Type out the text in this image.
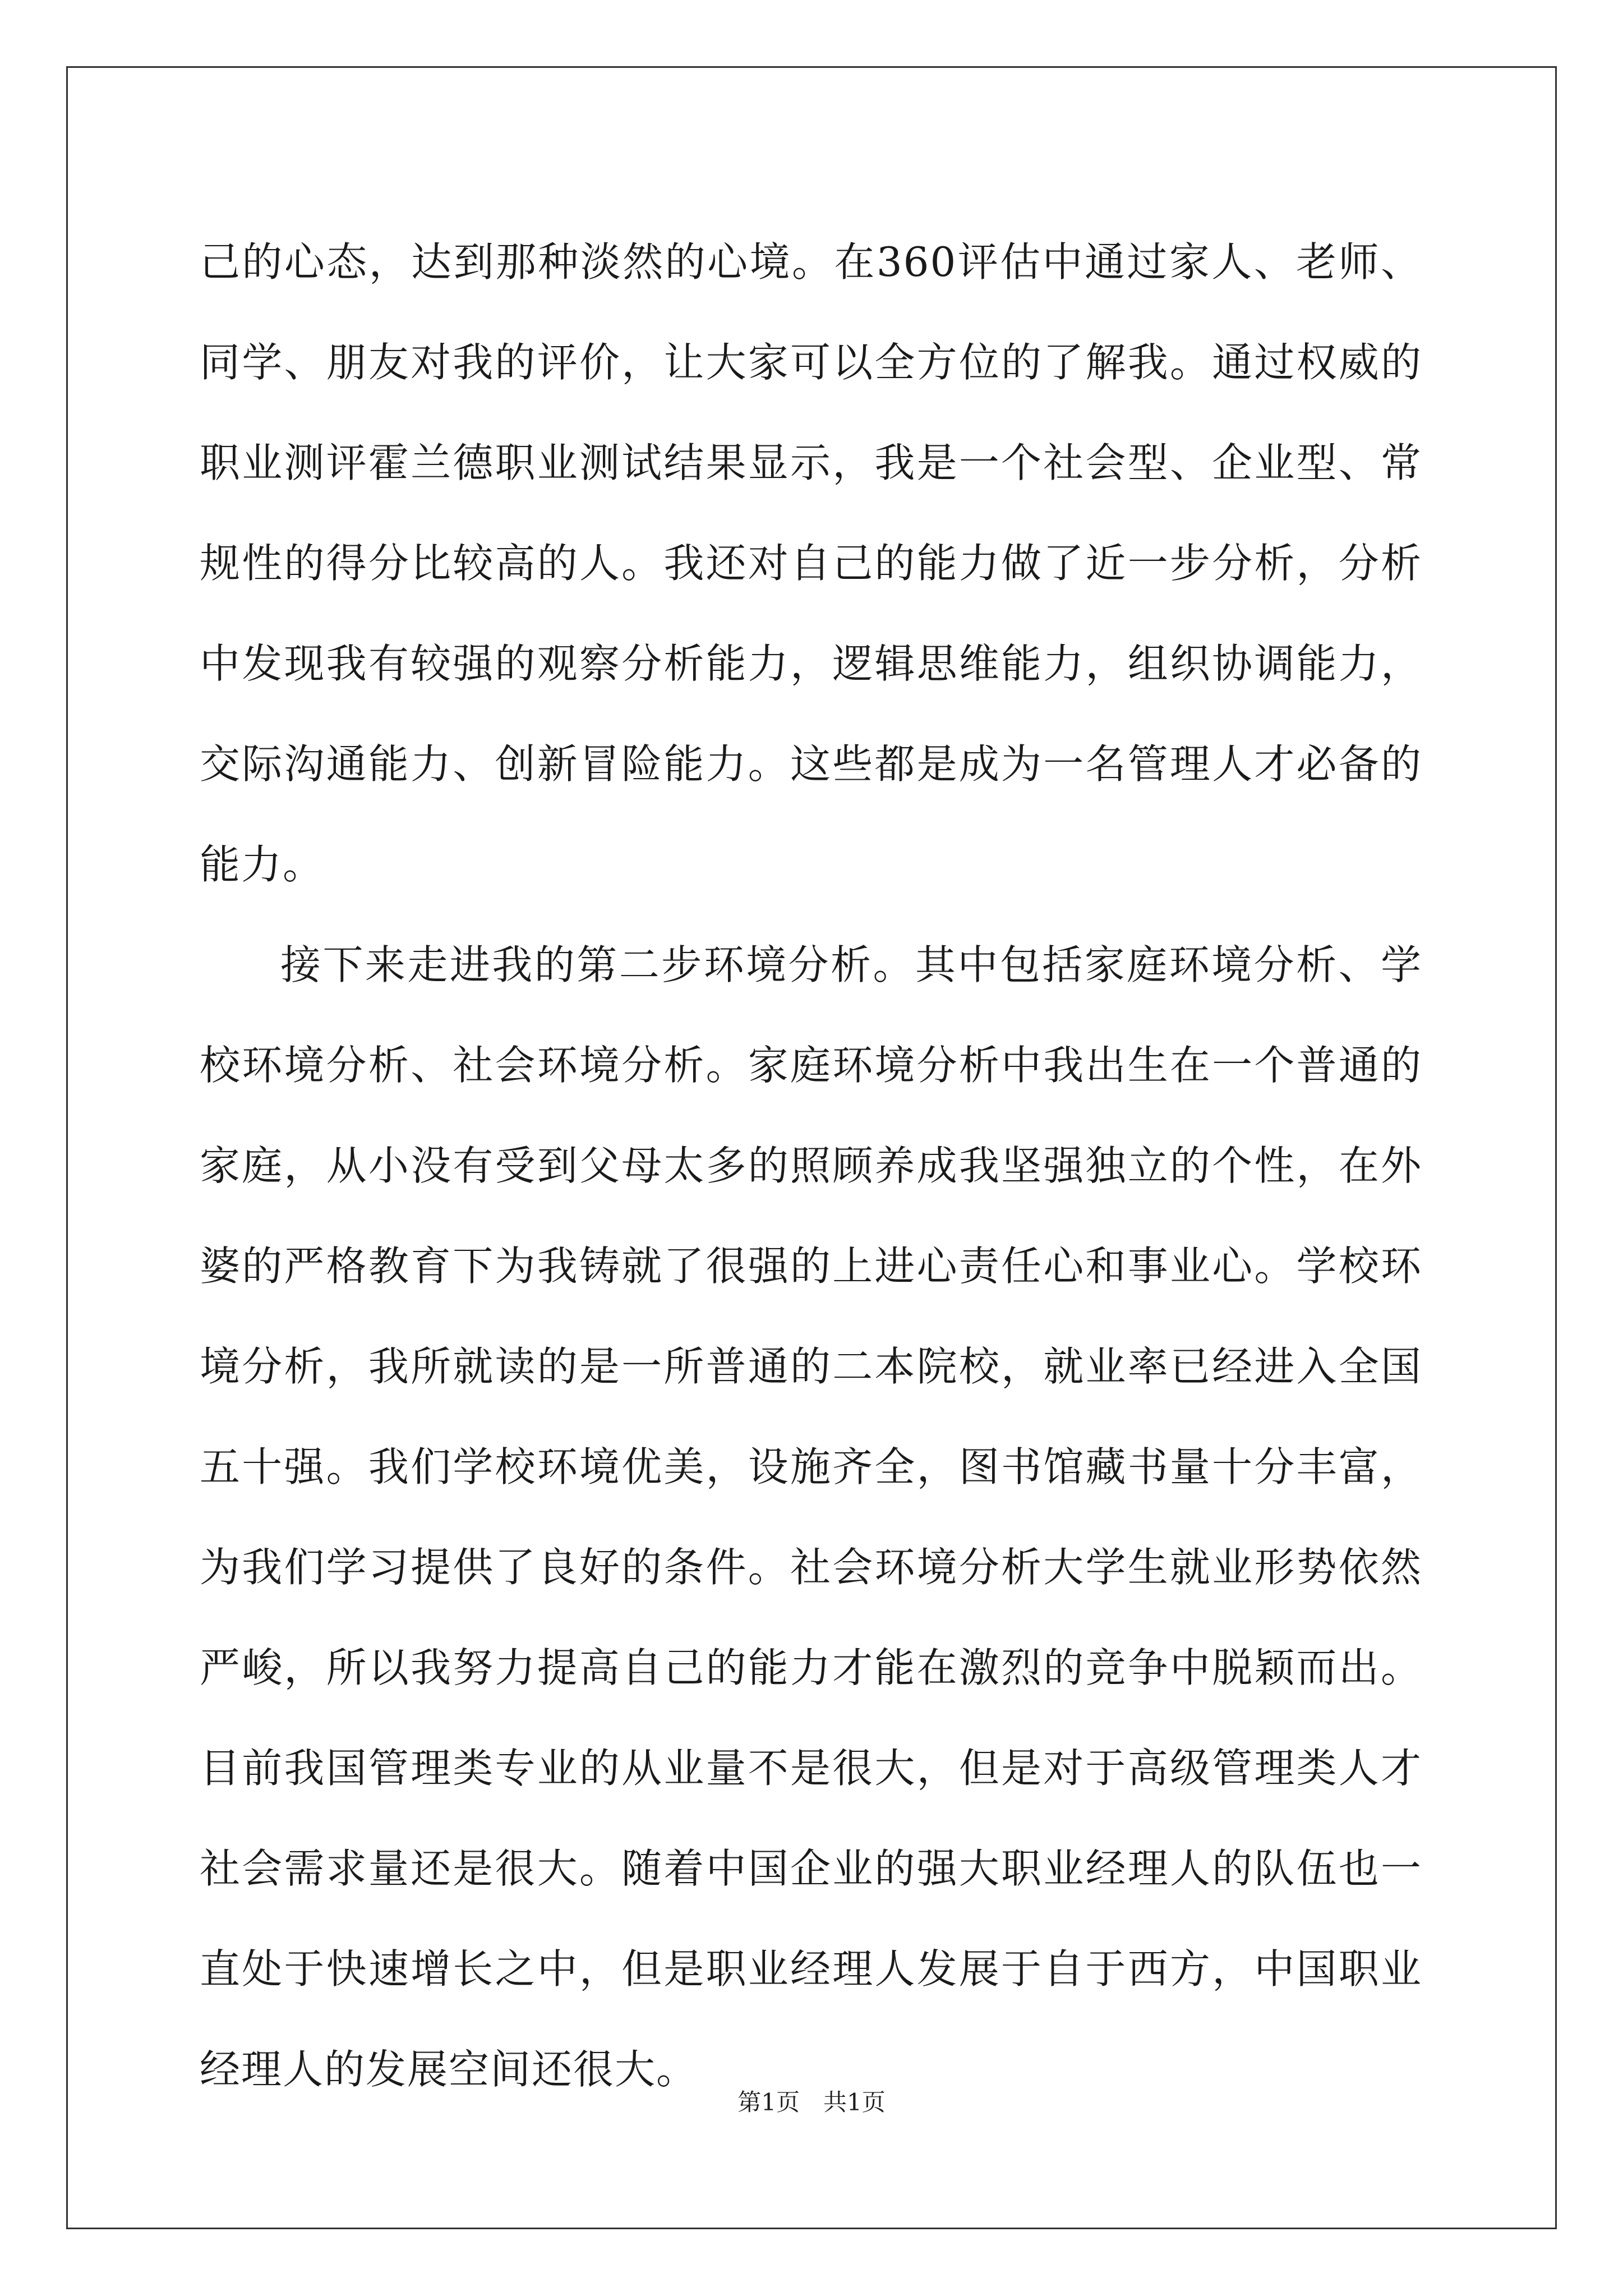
己的心态，达到那种淡然的心境。在360评估中通过家人、老师、同学、朋友对我的评价，让大家可以全方位的了解我。通过权威的职业测评霍兰德职业测试结果显示，我是一个社会型、企业型、常规性的得分比较高的人。我还对自己的能力做了近一步分析，分析中发现我有较强的观察分析能力，逻辑思维能力，组织协调能力，交际沟通能力、创新冒险能力。这些都是成为一名管理人才必备的能力。

接下来走进我的第二步环境分析。其中包括家庭环境分析、学校环境分析、社会环境分析。家庭环境分析中我出生在一个普通的家庭，从小没有受到父母太多的照顾养成我坚强独立的个性，在外婆的严格教育下为我铸就了很强的上进心责任心和事业心。学校环境分析，我所就读的是一所普通的二本院校，就业率已经进入全国五十强。我们学校环境优美，设施齐全，图书馆藏书量十分丰富，为我们学习提供了良好的条件。社会环境分析大学生就业形势依然严峻，所以我努力提高自己的能力才能在激烈的竞争中脱颖而出。目前我国管理类专业的从业量不是很大，但是对于高级管理类人才社会需求量还是很大。随着中国企业的强大职业经理人的队伍也一直处于快速增长之中，但是职业经理人发展于自于西方，中国职业经理人的发展空间还很大。

第1页 共1页
